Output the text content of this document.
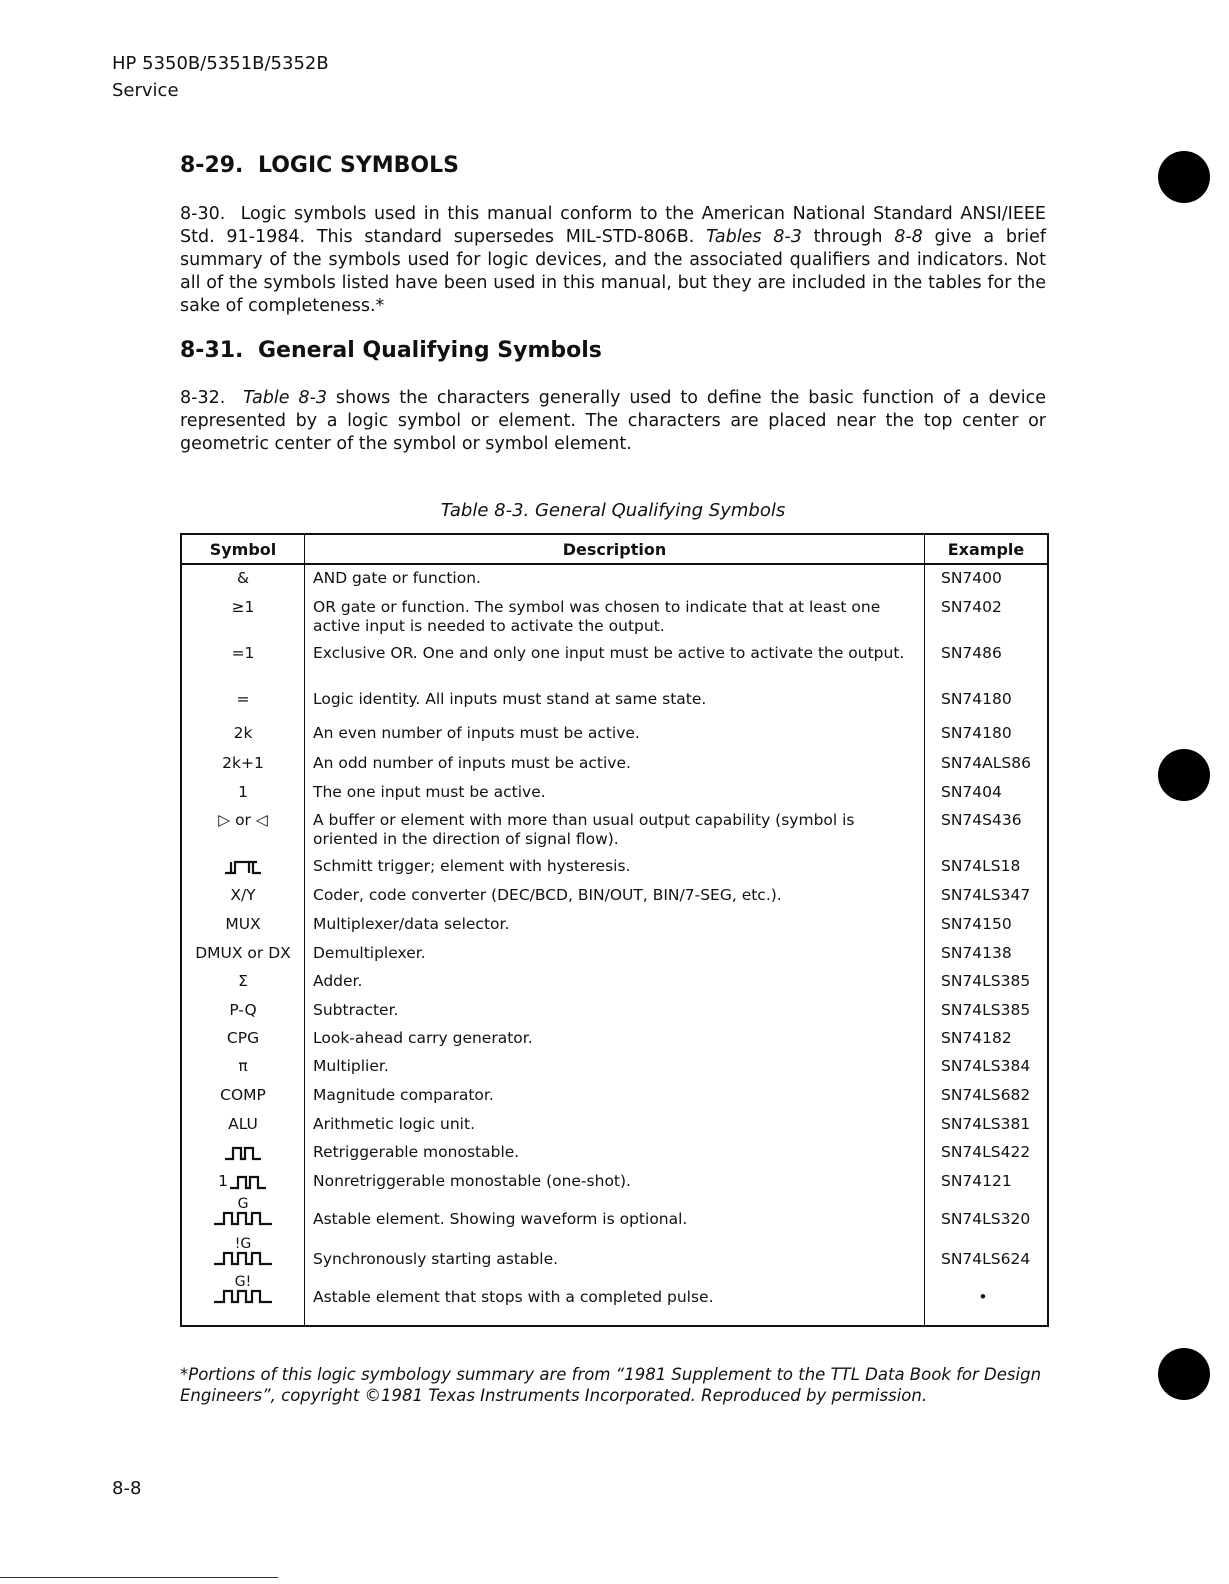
HP 5350B/5351B/5352B
Service
8-29. LOGIC SYMBOLS

8-30. Logic symbols used in this manual conform to the American National Standard ANSI/IEEE Std. 91-1984. This standard supersedes MIL-STD-806B. Tables 8-3 through 8-8 give a brief summary of the symbols used for logic devices, and the associated qualifiers and indicators. Not all of the symbols listed have been used in this manual, but they are included in the tables for the sake of completeness.*

8-31. General Qualifying Symbols

8-32. Table 8-3 shows the characters generally used to define the basic function of a device represented by a logic symbol or element. The characters are placed near the top center or geometric center of the symbol or symbol element.

Table 8-3. General Qualifying Symbols
Symbol	Description	Example
&	AND gate or function.	SN7400
≥1	OR gate or function. The symbol was chosen to indicate that at least one active input is needed to activate the output.	SN7402
=1	Exclusive OR. One and only one input must be active to activate the output.	SN7486
=	Logic identity. All inputs must stand at same state.	SN74180
2k	An even number of inputs must be active.	SN74180
2k+1	An odd number of inputs must be active.	SN74ALS86
1	The one input must be active.	SN7404
▷ or ◁	A buffer or element with more than usual output capability (symbol is oriented in the direction of signal flow).	SN74S436
	Schmitt trigger; element with hysteresis.	SN74LS18
X/Y	Coder, code converter (DEC/BCD, BIN/OUT, BIN/7-SEG, etc.).	SN74LS347
MUX	Multiplexer/data selector.	SN74150
DMUX or DX	Demultiplexer.	SN74138
Σ	Adder.	SN74LS385
P-Q	Subtracter.	SN74LS385
CPG	Look-ahead carry generator.	SN74182
π	Multiplier.	SN74LS384
COMP	Magnitude comparator.	SN74LS682
ALU	Arithmetic logic unit.	SN74LS381
	Retriggerable monostable.	SN74LS422
1	Nonretriggerable monostable (one-shot).	SN74121

G	Astable element. Showing waveform is optional.	SN74LS320

!G	Synchronously starting astable.	SN74LS624

G!	Astable element that stops with a completed pulse.	•
*Portions of this logic symbology summary are from “1981 Supplement to the TTL Data Book for Design Engineers”, copyright ©1981 Texas Instruments Incorporated. Reproduced by permission.
8-8
